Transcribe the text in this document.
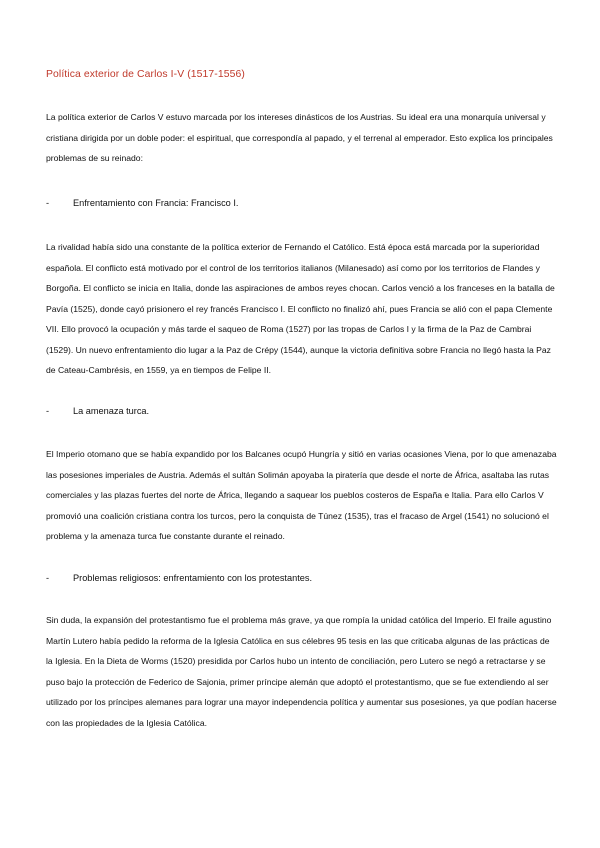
Política exterior de Carlos I-V (1517-1556)
La política exterior de Carlos V estuvo marcada por los intereses dinásticos de los Austrias. Su ideal era una monarquía universal y cristiana dirigida por un doble poder: el espiritual, que correspondía al papado, y el terrenal al emperador. Esto explica los principales problemas de su reinado:
-	Enfrentamiento con Francia: Francisco I.
La rivalidad había sido una constante de la política exterior de Fernando el Católico. Está época está marcada por la superioridad española. El conflicto está motivado por el control de los territorios italianos (Milanesado) así como por los territorios de Flandes y Borgoña. El conflicto se inicia en Italia, donde las aspiraciones de ambos reyes chocan. Carlos venció a los franceses en la batalla de Pavía (1525), donde cayó prisionero el rey francés Francisco I. El conflicto no finalizó ahí, pues Francia se alió con el papa Clemente VII. Ello provocó la ocupación y más tarde el saqueo de Roma (1527) por las tropas de Carlos I y la firma de la Paz de Cambrai (1529). Un nuevo enfrentamiento dio lugar a la Paz de Crépy (1544), aunque la victoria definitiva sobre Francia no llegó hasta la Paz de Cateau-Cambrésis, en 1559, ya en tiempos de Felipe II.
-	La amenaza turca.
El Imperio otomano que se había expandido por los Balcanes ocupó Hungría y sitió en varias ocasiones Viena, por lo que amenazaba las posesiones imperiales de Austria. Además el sultán Solimán apoyaba la piratería que desde el norte de África, asaltaba las rutas comerciales y las plazas fuertes del norte de África, llegando a saquear los pueblos costeros de España e Italia. Para ello Carlos V promovió una coalición cristiana contra los turcos, pero la conquista de Túnez (1535), tras el fracaso de Argel (1541) no solucionó el problema y la amenaza turca fue constante durante el reinado.
-	Problemas religiosos: enfrentamiento con los protestantes.
Sin duda, la expansión del protestantismo fue el problema más grave, ya que rompía la unidad católica del Imperio. El fraile agustino Martín Lutero había pedido la reforma de la Iglesia Católica en sus célebres 95 tesis en las que criticaba algunas de las prácticas de la Iglesia. En la Dieta de Worms (1520) presidida por Carlos hubo un intento de conciliación, pero Lutero se negó a retractarse y se puso bajo la protección de Federico de Sajonia, primer príncipe alemán que adoptó el protestantismo, que se fue extendiendo al ser utilizado por los príncipes alemanes para lograr una mayor independencia política y aumentar sus posesiones, ya que podían hacerse con las propiedades de la Iglesia Católica.
